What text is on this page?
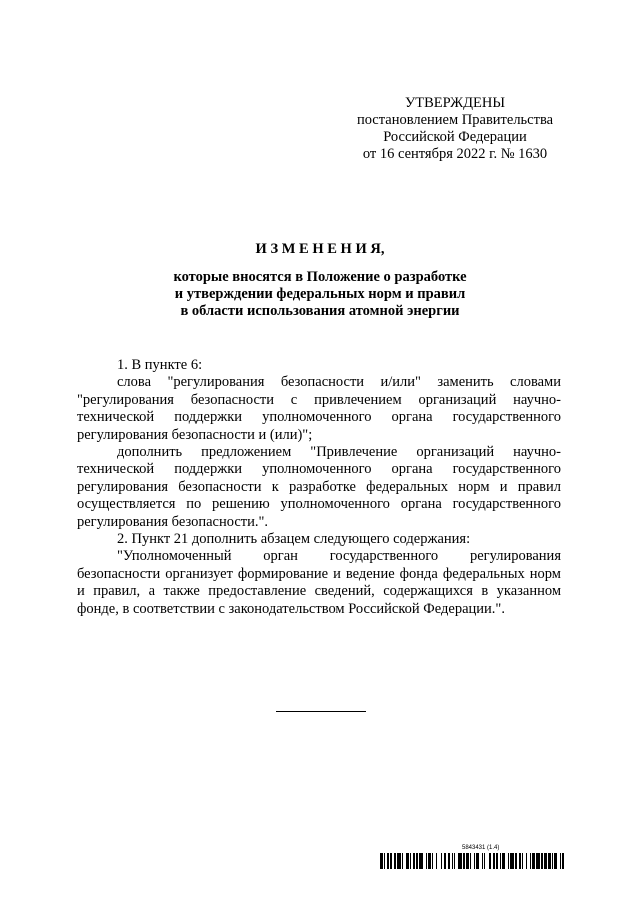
УТВЕРЖДЕНЫ
постановлением Правительства
Российской Федерации
от 16 сентября 2022 г. № 1630
И З М Е Н Е Н И Я,
которые вносятся в Положение о разработке
и утверждении федеральных норм и правил
в области использования атомной энергии

1. В пункте 6:

слова "регулирования безопасности и/или" заменить словами "регулирования безопасности с привлечением организаций научно-технической поддержки уполномоченного органа государственного регулирования безопасности и (или)";

дополнить предложением "Привлечение организаций научно-технической поддержки уполномоченного органа государственного регулирования безопасности к разработке федеральных норм и правил осуществляется по решению уполномоченного органа государственного регулирования безопасности.".

2. Пункт 21 дополнить абзацем следующего содержания:

"Уполномоченный орган государственного регулирования безопасности организует формирование и ведение фонда федеральных норм и правил, а также предоставление сведений, содержащихся в указанном фонде, в соответствии с законодательством Российской Федерации.".

5843431 (1.4)
